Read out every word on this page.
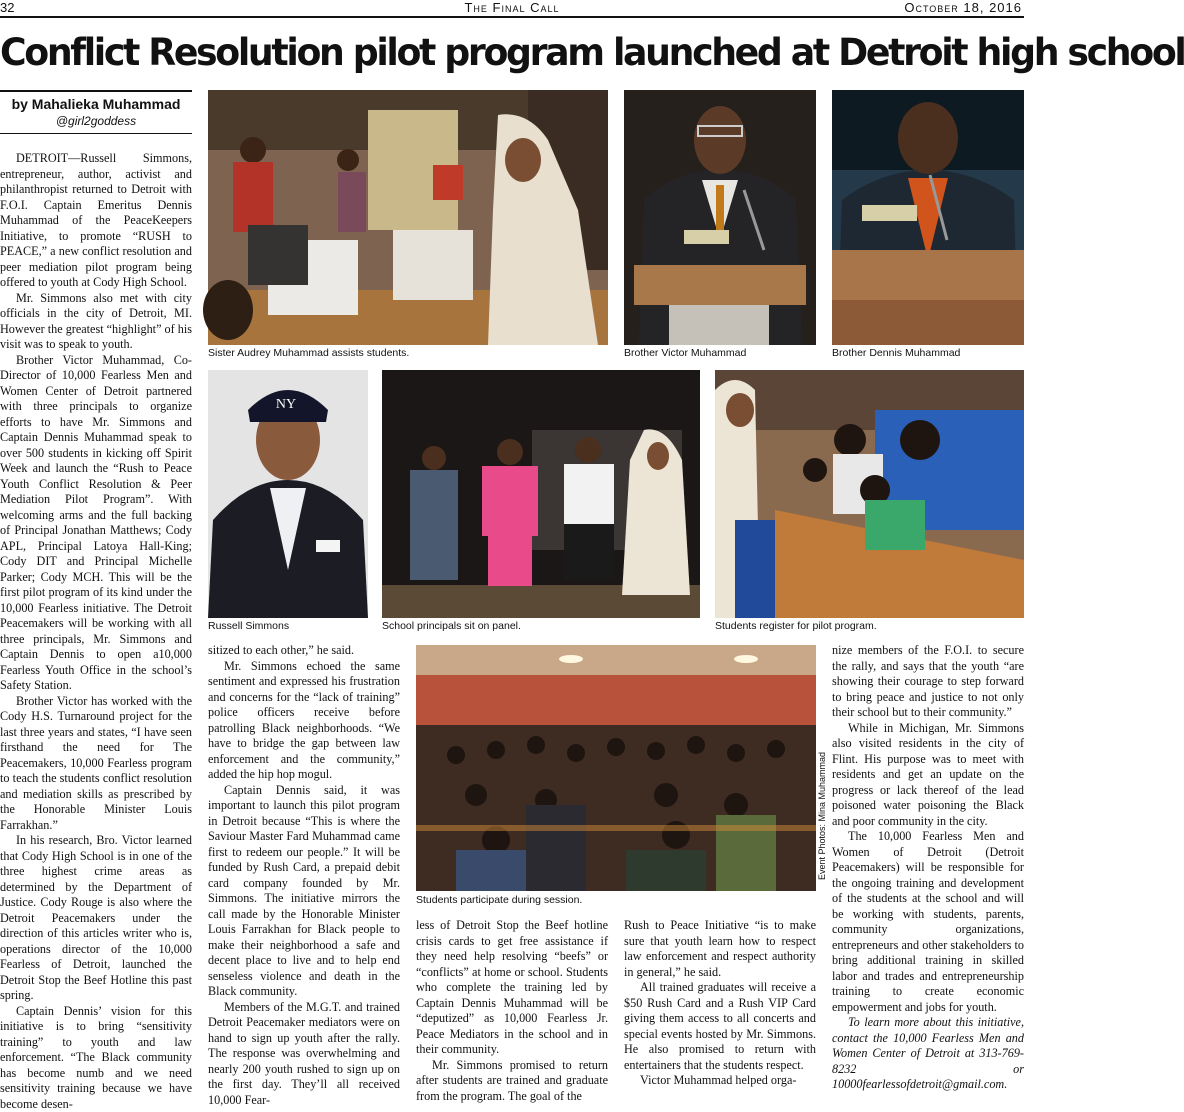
32	The Final Call	October 18, 2016
Conflict Resolution pilot program launched at Detroit high school
by Mahalieka Muhammad
@girl2goddess

DETROIT—Russell Simmons, entrepreneur, author, activist and philanthropist returned to Detroit with F.O.I. Captain Emeritus Dennis Muhammad of the PeaceKeepers Initiative, to promote “RUSH to PEACE,” a new conflict resolution and peer mediation pilot program being offered to youth at Cody High School.

Mr. Simmons also met with city officials in the city of Detroit, MI. However the greatest “highlight” of his visit was to speak to youth.

Brother Victor Muhammad, Co-Director of 10,000 Fearless Men and Women Center of Detroit partnered with three principals to organize efforts to have Mr. Simmons and Captain Dennis Muhammad speak to over 500 students in kicking off Spirit Week and launch the “Rush to Peace Youth Conflict Resolution & Peer Mediation Pilot Program”. With welcoming arms and the full backing of Principal Jonathan Matthews; Cody APL, Principal Latoya Hall-King; Cody DIT and Principal Michelle Parker; Cody MCH. This will be the first pilot program of its kind under the 10,000 Fearless initiative. The Detroit Peacemakers will be working with all three principals, Mr. Simmons and Captain Dennis to open a10,000 Fearless Youth Office in the school’s Safety Station.

Brother Victor has worked with the Cody H.S. Turnaround project for the last three years and states, “I have seen firsthand the need for The Peacemakers, 10,000 Fearless program to teach the students conflict resolution and mediation skills as prescribed by the Honorable Minister Louis Farrakhan.”

In his research, Bro. Victor learned that Cody High School is in one of the three highest crime areas as determined by the Department of Justice. Cody Rouge is also where the Detroit Peacemakers under the direction of this articles writer who is, operations director of the 10,000 Fearless of Detroit, launched the Detroit Stop the Beef Hotline this past spring.

Captain Dennis’ vision for this initiative is to bring “sensitivity training” to youth and law enforcement. “The Black community has become numb and we need sensitivity training because we have become desen-

Sister Audrey Muhammad assists students.	Brother Victor Muhammad	Brother Dennis Muhammad
NY
Russell Simmons	School principals sit on panel.	Students register for pilot program.

sitized to each other,” he said.

Mr. Simmons echoed the same sentiment and expressed his frustration and concerns for the “lack of training” police officers receive before patrolling Black neighborhoods. “We have to bridge the gap between law enforcement and the community,” added the hip hop mogul.

Captain Dennis said, it was important to launch this pilot program in Detroit because “This is where the Saviour Master Fard Muhammad came first to redeem our people.” It will be funded by Rush Card, a prepaid debit card company founded by Mr. Simmons. The initiative mirrors the call made by the Honorable Minister Louis Farrakhan for Black people to make their neighborhood a safe and decent place to live and to help end senseless violence and death in the Black community.

Members of the M.G.T. and trained Detroit Peacemaker mediators were on hand to sign up youth after the rally. The response was overwhelming and nearly 200 youth rushed to sign up on the first day. They’ll all received 10,000 Fear-

Students participate during session.
Event Photos: Mina Muhammad

less of Detroit Stop the Beef hotline crisis cards to get free assistance if they need help resolving “beefs” or “conflicts” at home or school. Students who complete the training led by Captain Dennis Muhammad will be “deputized” as 10,000 Fearless Jr. Peace Mediators in the school and in their community.

Mr. Simmons promised to return after students are trained and graduate from the program. The goal of the

Rush to Peace Initiative “is to make sure that youth learn how to respect law enforcement and respect authority in general,” he said.

All trained graduates will receive a $50 Rush Card and a Rush VIP Card giving them access to all concerts and special events hosted by Mr. Simmons. He also promised to return with entertainers that the students respect.

Victor Muhammad helped orga-

nize members of the F.O.I. to secure the rally, and says that the youth “are showing their courage to step forward to bring peace and justice to not only their school but to their community.”

While in Michigan, Mr. Simmons also visited residents in the city of Flint. His purpose was to meet with residents and get an update on the progress or lack thereof of the lead poisoned water poisoning the Black and poor community in the city.

The 10,000 Fearless Men and Women of Detroit (Detroit Peacemakers) will be responsible for the ongoing training and development of the students at the school and will be working with students, parents, community organizations, entrepreneurs and other stakeholders to bring additional training in skilled labor and trades and entrepreneurship training to create economic empowerment and jobs for youth.

To learn more about this initiative, contact the 10,000 Fearless Men and Women Center of Detroit at 313-769-8232 or 10000fearlessofdetroit@gmail.com.
